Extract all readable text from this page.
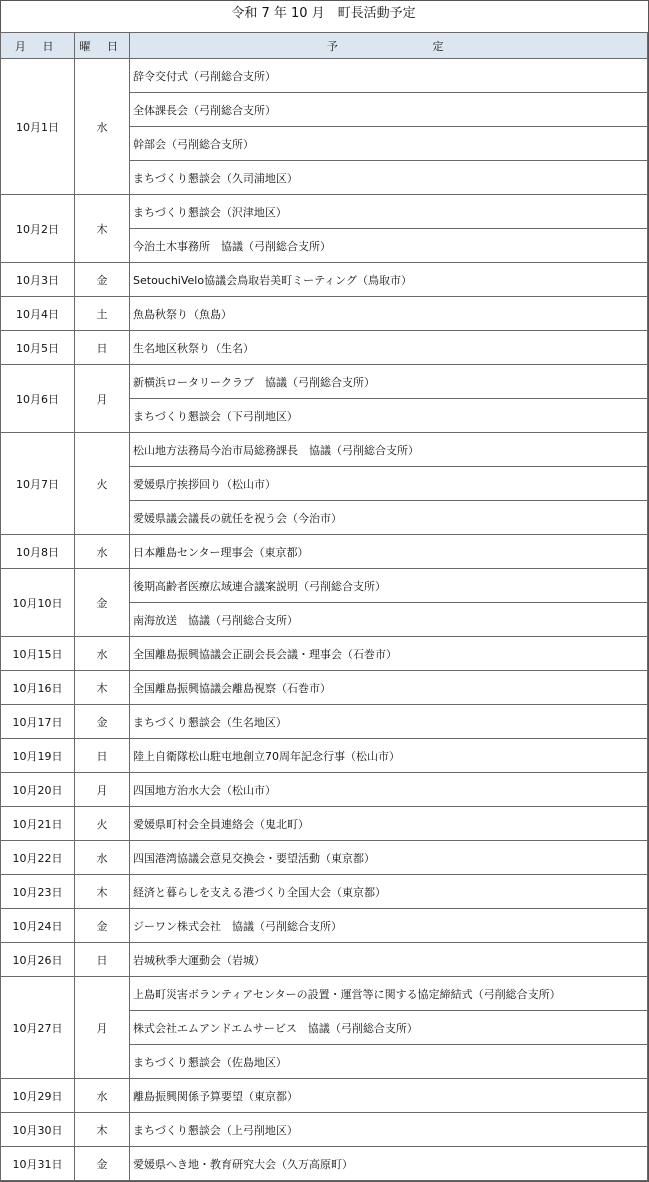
令和 7 年 10 月　町長活動予定
月 日	曜 日	予　　　　　定
10月1日	水	辞令交付式（弓削総合支所）
		全体課長会（弓削総合支所）
		幹部会（弓削総合支所）
		まちづくり懇談会（久司浦地区）
10月2日	木	まちづくり懇談会（沢津地区）
		今治土木事務所　協議（弓削総合支所）
10月3日	金	SetouchiVelo協議会鳥取岩美町ミーティング（鳥取市）
10月4日	土	魚島秋祭り（魚島）
10月5日	日	生名地区秋祭り（生名）
10月6日	月	新横浜ロータリークラブ　協議（弓削総合支所）
		まちづくり懇談会（下弓削地区）
10月7日	火	松山地方法務局今治市局総務課長　協議（弓削総合支所）
		愛媛県庁挨拶回り（松山市）
		愛媛県議会議長の就任を祝う会（今治市）
10月8日	水	日本離島センター理事会（東京都）
10月10日	金	後期高齢者医療広域連合議案説明（弓削総合支所）
		南海放送　協議（弓削総合支所）
10月15日	水	全国離島振興協議会正副会長会議・理事会（石巻市）
10月16日	木	全国離島振興協議会離島視察（石巻市）
10月17日	金	まちづくり懇談会（生名地区）
10月19日	日	陸上自衛隊松山駐屯地創立70周年記念行事（松山市）
10月20日	月	四国地方治水大会（松山市）
10月21日	火	愛媛県町村会全員連絡会（鬼北町）
10月22日	水	四国港湾協議会意見交換会・要望活動（東京都）
10月23日	木	経済と暮らしを支える港づくり全国大会（東京都）
10月24日	金	ジーワン株式会社　協議（弓削総合支所）
10月26日	日	岩城秋季大運動会（岩城）
10月27日	月	上島町災害ボランティアセンターの設置・運営等に関する協定締結式（弓削総合支所）
		株式会社エムアンドエムサービス　協議（弓削総合支所）
		まちづくり懇談会（佐島地区）
10月29日	水	離島振興関係予算要望（東京都）
10月30日	木	まちづくり懇談会（上弓削地区）
10月31日	金	愛媛県へき地・教育研究大会（久万高原町）
